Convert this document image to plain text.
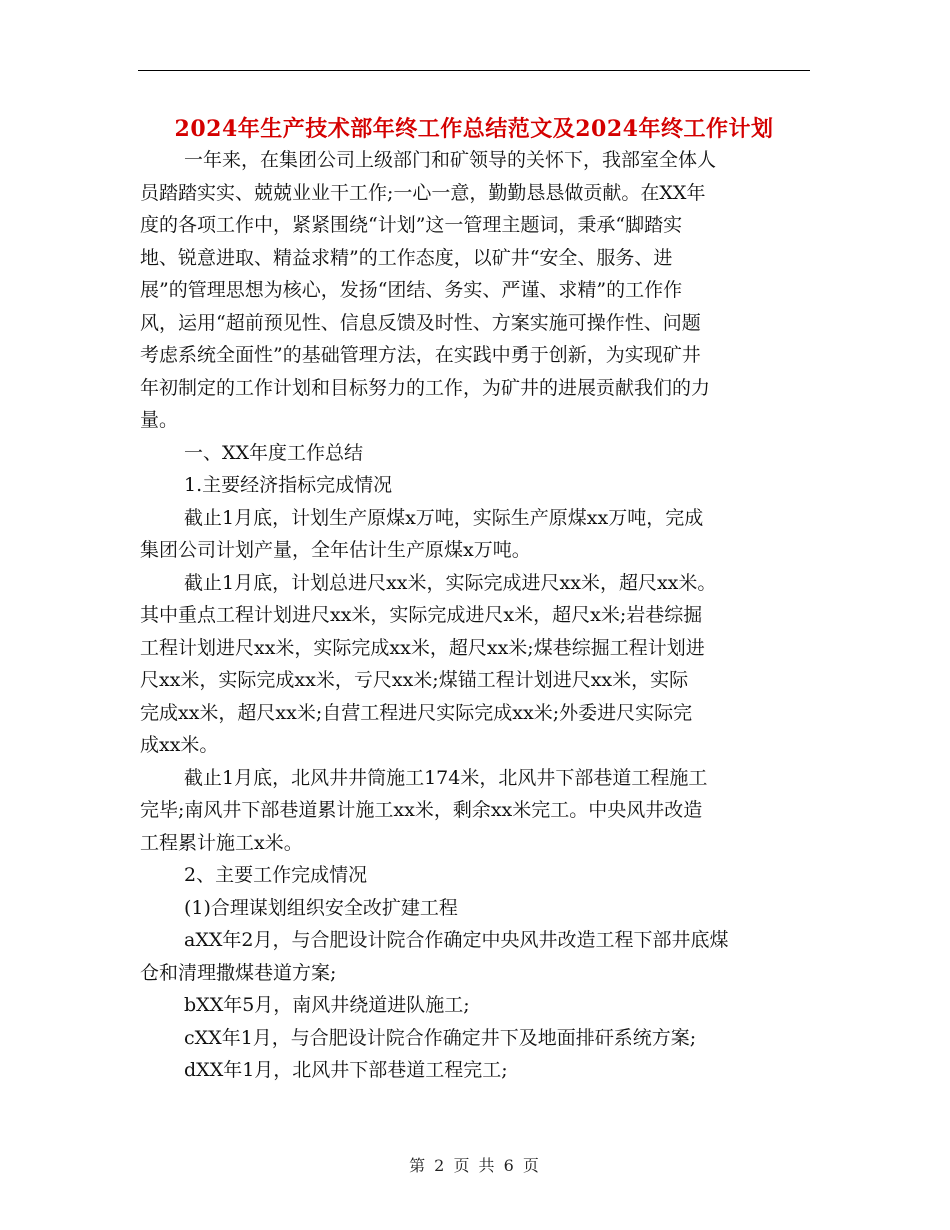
2024年生产技术部年终工作总结范文及2024年终工作计划
一年来，在集团公司上级部门和矿领导的关怀下，我部室全体人
员踏踏实实、兢兢业业干工作;一心一意，勤勤恳恳做贡献。在XX年
度的各项工作中，紧紧围绕“计划”这一管理主题词，秉承“脚踏实
地、锐意进取、精益求精”的工作态度，以矿井“安全、服务、进
展”的管理思想为核心，发扬“团结、务实、严谨、求精”的工作作
风，运用“超前预见性、信息反馈及时性、方案实施可操作性、问题
考虑系统全面性”的基础管理方法，在实践中勇于创新，为实现矿井
年初制定的工作计划和目标努力的工作，为矿井的进展贡献我们的力
量。
一、XX年度工作总结
1.主要经济指标完成情况
截止1月底，计划生产原煤x万吨，实际生产原煤xx万吨，完成
集团公司计划产量，全年估计生产原煤x万吨。
截止1月底，计划总进尺xx米，实际完成进尺xx米，超尺xx米。
其中重点工程计划进尺xx米，实际完成进尺x米，超尺x米;岩巷综掘
工程计划进尺xx米，实际完成xx米，超尺xx米;煤巷综掘工程计划进
尺xx米，实际完成xx米，亏尺xx米;煤锚工程计划进尺xx米，实际
完成xx米，超尺xx米;自营工程进尺实际完成xx米;外委进尺实际完
成xx米。
截止1月底，北风井井筒施工174米，北风井下部巷道工程施工
完毕;南风井下部巷道累计施工xx米，剩余xx米完工。中央风井改造
工程累计施工x米。
2、主要工作完成情况
(1)合理谋划组织安全改扩建工程
aXX年2月，与合肥设计院合作确定中央风井改造工程下部井底煤
仓和清理撒煤巷道方案;
bXX年5月，南风井绕道进队施工;
cXX年1月，与合肥设计院合作确定井下及地面排矸系统方案;
dXX年1月，北风井下部巷道工程完工;
第 2 页 共 6 页
